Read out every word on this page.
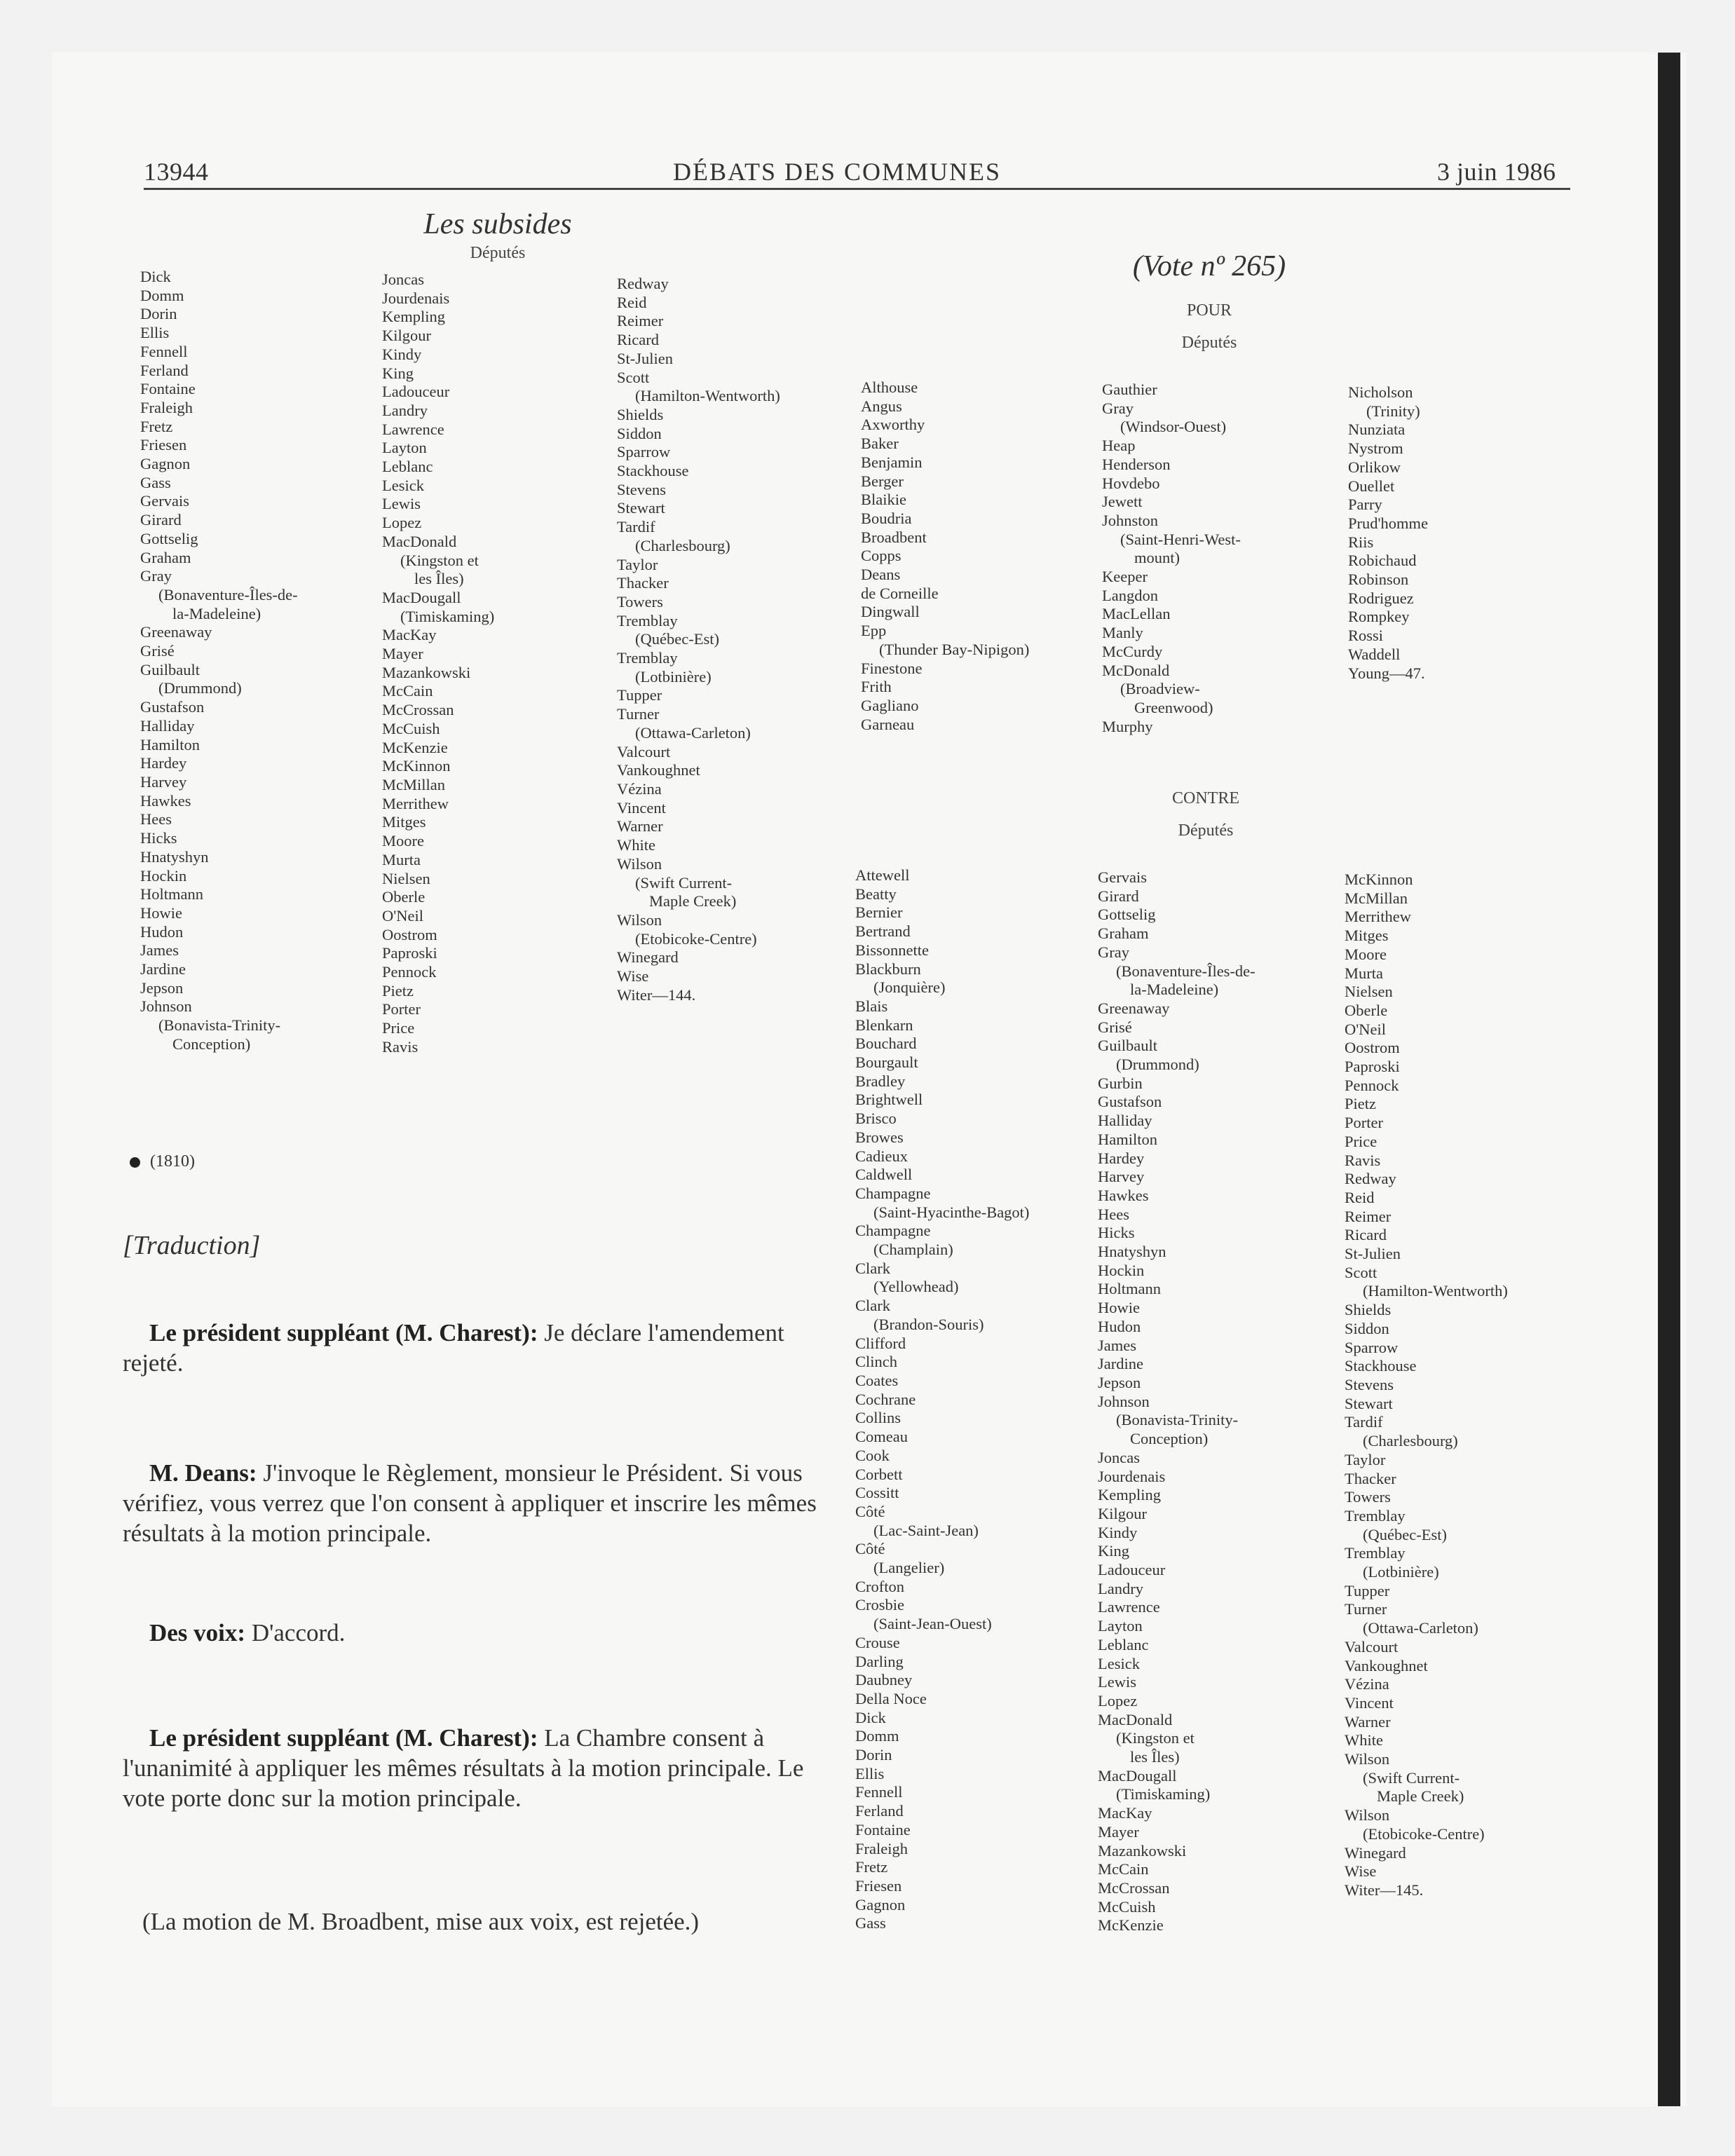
13944	DÉBATS DES COMMUNES	3 juin 1986
Les subsides
Députés
Dick
Domm
Dorin
Ellis
Fennell
Ferland
Fontaine
Fraleigh
Fretz
Friesen
Gagnon
Gass
Gervais
Girard
Gottselig
Graham
Gray
(Bonaventure-Îles-de-
la-Madeleine)
Greenaway
Grisé
Guilbault
(Drummond)
Gustafson
Halliday
Hamilton
Hardey
Harvey
Hawkes
Hees
Hicks
Hnatyshyn
Hockin
Holtmann
Howie
Hudon
James
Jardine
Jepson
Johnson
(Bonavista-Trinity-
Conception)
Joncas
Jourdenais
Kempling
Kilgour
Kindy
King
Ladouceur
Landry
Lawrence
Layton
Leblanc
Lesick
Lewis
Lopez
MacDonald
(Kingston et
les Îles)
MacDougall
(Timiskaming)
MacKay
Mayer
Mazankowski
McCain
McCrossan
McCuish
McKenzie
McKinnon
McMillan
Merrithew
Mitges
Moore
Murta
Nielsen
Oberle
O'Neil
Oostrom
Paproski
Pennock
Pietz
Porter
Price
Ravis
Redway
Reid
Reimer
Ricard
St-Julien
Scott
(Hamilton-Wentworth)
Shields
Siddon
Sparrow
Stackhouse
Stevens
Stewart
Tardif
(Charlesbourg)
Taylor
Thacker
Towers
Tremblay
(Québec-Est)
Tremblay
(Lotbinière)
Tupper
Turner
(Ottawa-Carleton)
Valcourt
Vankoughnet
Vézina
Vincent
Warner
White
Wilson
(Swift Current-
Maple Creek)
Wilson
(Etobicoke-Centre)
Winegard
Wise
Witer—144.
(1810)
[Traduction]
Le président suppléant (M. Charest): Je déclare l'amendement rejeté.
M. Deans: J'invoque le Règlement, monsieur le Président. Si vous vérifiez, vous verrez que l'on consent à appliquer et inscrire les mêmes résultats à la motion principale.
Des voix: D'accord.
Le président suppléant (M. Charest): La Chambre consent à l'unanimité à appliquer les mêmes résultats à la motion principale. Le vote porte donc sur la motion principale.
(La motion de M. Broadbent, mise aux voix, est rejetée.)
(Vote nº 265)
POUR
Députés
Althouse
Angus
Axworthy
Baker
Benjamin
Berger
Blaikie
Boudria
Broadbent
Copps
Deans
de Corneille
Dingwall
Epp
(Thunder Bay-Nipigon)
Finestone
Frith
Gagliano
Garneau
Gauthier
Gray
(Windsor-Ouest)
Heap
Henderson
Hovdebo
Jewett
Johnston
(Saint-Henri-West-
mount)
Keeper
Langdon
MacLellan
Manly
McCurdy
McDonald
(Broadview-
Greenwood)
Murphy
Nicholson
(Trinity)
Nunziata
Nystrom
Orlikow
Ouellet
Parry
Prud'homme
Riis
Robichaud
Robinson
Rodriguez
Rompkey
Rossi
Waddell
Young—47.
CONTRE
Députés
Attewell
Beatty
Bernier
Bertrand
Bissonnette
Blackburn
(Jonquière)
Blais
Blenkarn
Bouchard
Bourgault
Bradley
Brightwell
Brisco
Browes
Cadieux
Caldwell
Champagne
(Saint-Hyacinthe-Bagot)
Champagne
(Champlain)
Clark
(Yellowhead)
Clark
(Brandon-Souris)
Clifford
Clinch
Coates
Cochrane
Collins
Comeau
Cook
Corbett
Cossitt
Côté
(Lac-Saint-Jean)
Côté
(Langelier)
Crofton
Crosbie
(Saint-Jean-Ouest)
Crouse
Darling
Daubney
Della Noce
Dick
Domm
Dorin
Ellis
Fennell
Ferland
Fontaine
Fraleigh
Fretz
Friesen
Gagnon
Gass
Gervais
Girard
Gottselig
Graham
Gray
(Bonaventure-Îles-de-
la-Madeleine)
Greenaway
Grisé
Guilbault
(Drummond)
Gurbin
Gustafson
Halliday
Hamilton
Hardey
Harvey
Hawkes
Hees
Hicks
Hnatyshyn
Hockin
Holtmann
Howie
Hudon
James
Jardine
Jepson
Johnson
(Bonavista-Trinity-
Conception)
Joncas
Jourdenais
Kempling
Kilgour
Kindy
King
Ladouceur
Landry
Lawrence
Layton
Leblanc
Lesick
Lewis
Lopez
MacDonald
(Kingston et
les Îles)
MacDougall
(Timiskaming)
MacKay
Mayer
Mazankowski
McCain
McCrossan
McCuish
McKenzie
McKinnon
McMillan
Merrithew
Mitges
Moore
Murta
Nielsen
Oberle
O'Neil
Oostrom
Paproski
Pennock
Pietz
Porter
Price
Ravis
Redway
Reid
Reimer
Ricard
St-Julien
Scott
(Hamilton-Wentworth)
Shields
Siddon
Sparrow
Stackhouse
Stevens
Stewart
Tardif
(Charlesbourg)
Taylor
Thacker
Towers
Tremblay
(Québec-Est)
Tremblay
(Lotbinière)
Tupper
Turner
(Ottawa-Carleton)
Valcourt
Vankoughnet
Vézina
Vincent
Warner
White
Wilson
(Swift Current-
Maple Creek)
Wilson
(Etobicoke-Centre)
Winegard
Wise
Witer—145.
